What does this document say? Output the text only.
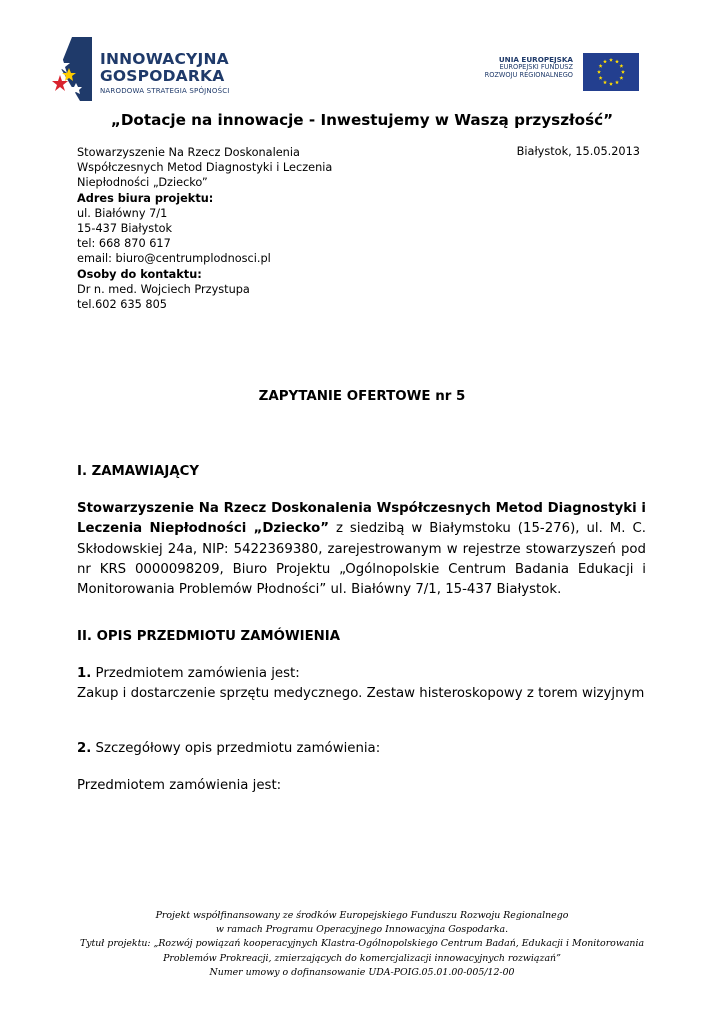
INNOWACYJNA
GOSPODARKA
NARODOWA STRATEGIA SPÓJNOŚCI
UNIA EUROPEJSKA
EUROPEJSKI FUNDUSZ
ROZWOJU REGIONALNEGO
„Dotacje na innowacje - Inwestujemy w Waszą przyszłość”
Stowarzyszenie Na Rzecz Doskonalenia
Współczesnych Metod Diagnostyki i Leczenia
Niepłodności „Dziecko”
Adres biura projektu:
ul. Białówny 7/1
15-437 Białystok
tel: 668 870 617
email: biuro@centrumplodnosci.pl
Osoby do kontaktu:
Dr n. med. Wojciech Przystupa
tel.602 635 805
Białystok, 15.05.2013
ZAPYTANIE OFERTOWE nr 5
I. ZAMAWIAJĄCY
Stowarzyszenie Na Rzecz Doskonalenia Współczesnych Metod Diagnostyki i Leczenia Niepłodności „Dziecko” z siedzibą w Białymstoku (15-276), ul. M. C. Skłodowskiej 24a, NIP: 5422369380, zarejestrowanym w rejestrze stowarzyszeń pod nr KRS 0000098209, Biuro Projektu „Ogólnopolskie Centrum Badania Edukacji i Monitorowania Problemów Płodności” ul. Białówny 7/1, 15-437 Białystok.
II. OPIS PRZEDMIOTU ZAMÓWIENIA
1. Przedmiotem zamówienia jest:
Zakup i dostarczenie sprzętu medycznego. Zestaw histeroskopowy z torem wizyjnym
2. Szczegółowy opis przedmiotu zamówienia:
Przedmiotem zamówienia jest:
Projekt współfinansowany ze środków Europejskiego Funduszu Rozwoju Regionalnego
w ramach Programu Operacyjnego Innowacyjna Gospodarka.
Tytuł projektu: „Rozwój powiązań kooperacyjnych Klastra-Ogólnopolskiego Centrum Badań, Edukacji i Monitorowania
Problemów Prokreacji, zmierzających do komercjalizacji innowacyjnych rozwiązań”
Numer umowy o dofinansowanie UDA-POIG.05.01.00-005/12-00
